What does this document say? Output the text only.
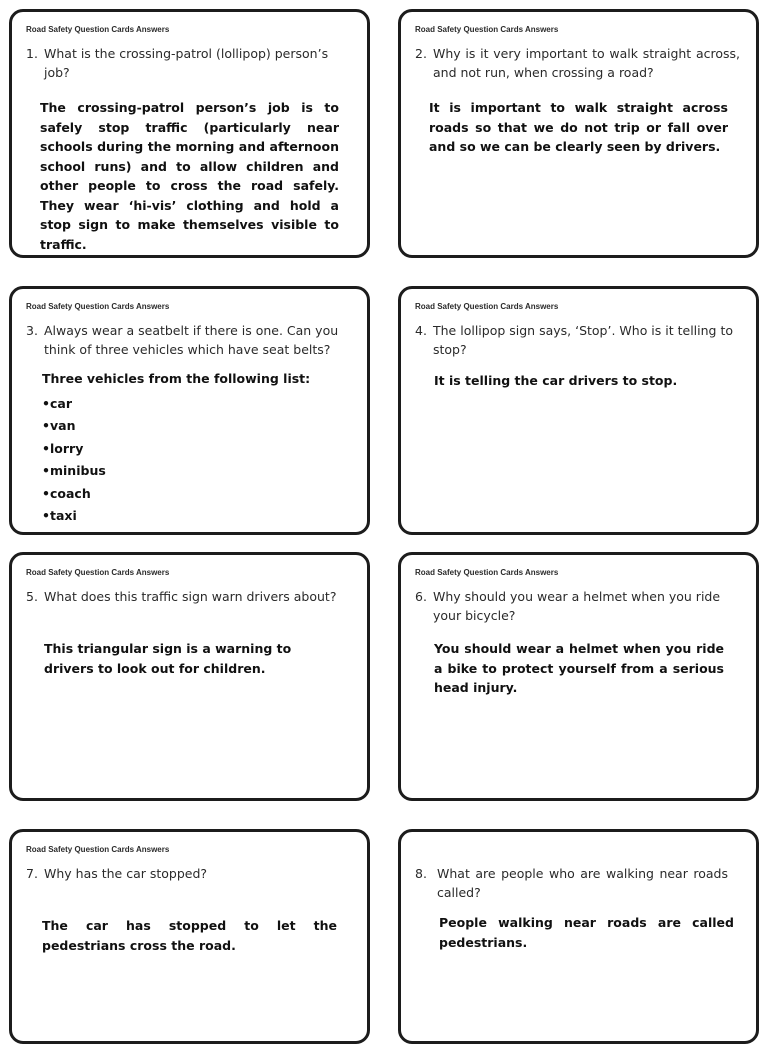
Road Safety Question Cards Answers
1. What is the crossing-patrol (lollipop) person’s job?
The crossing-patrol person’s job is to safely stop traffic (particularly near schools during the morning and afternoon school runs) and to allow children and other people to cross the road safely. They wear ‘hi-vis’ clothing and hold a stop sign to make themselves visible to traffic.
Road Safety Question Cards Answers
2. Why is it very important to walk straight across, and not run, when crossing a road?
It is important to walk straight across roads so that we do not trip or fall over and so we can be clearly seen by drivers.
Road Safety Question Cards Answers
3. Always wear a seatbelt if there is one. Can you think of three vehicles which have seat belts?
Three vehicles from the following list:
•car
•van
•lorry
•minibus
•coach
•taxi
Road Safety Question Cards Answers
4. The lollipop sign says, ‘Stop’. Who is it telling to stop?
It is telling the car drivers to stop.
Road Safety Question Cards Answers
5. What does this traffic sign warn drivers about?
This triangular sign is a warning to drivers to look out for children.
Road Safety Question Cards Answers
6. Why should you wear a helmet when you ride your bicycle?
You should wear a helmet when you ride a bike to protect yourself from a serious head injury.
Road Safety Question Cards Answers
7. Why has the car stopped?
The car has stopped to let the pedestrians cross the road.
8. What are people who are walking near roads called?
People walking near roads are called pedestrians.
